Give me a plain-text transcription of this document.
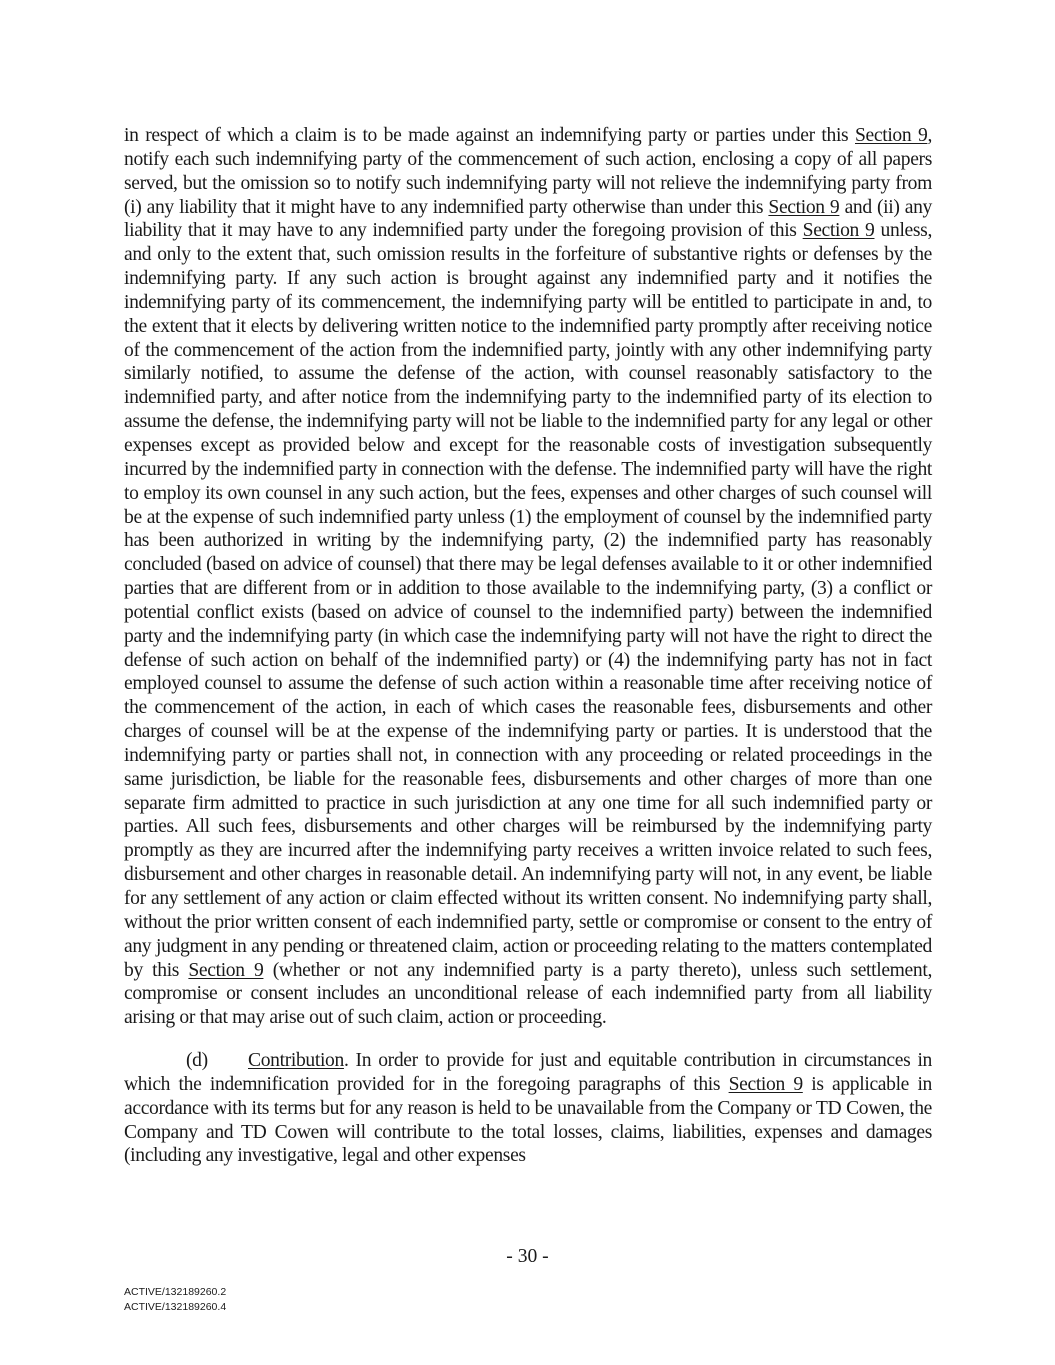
in respect of which a claim is to be made against an indemnifying party or parties under this Section 9, notify each such indemnifying party of the commencement of such action, enclosing a copy of all papers served, but the omission so to notify such indemnifying party will not relieve the indemnifying party from (i) any liability that it might have to any indemnified party otherwise than under this Section 9 and (ii) any liability that it may have to any indemnified party under the foregoing provision of this Section 9 unless, and only to the extent that, such omission results in the forfeiture of substantive rights or defenses by the indemnifying party. If any such action is brought against any indemnified party and it notifies the indemnifying party of its commencement, the indemnifying party will be entitled to participate in and, to the extent that it elects by delivering written notice to the indemnified party promptly after receiving notice of the commencement of the action from the indemnified party, jointly with any other indemnifying party similarly notified, to assume the defense of the action, with counsel reasonably satisfactory to the indemnified party, and after notice from the indemnifying party to the indemnified party of its election to assume the defense, the indemnifying party will not be liable to the indemnified party for any legal or other expenses except as provided below and except for the reasonable costs of investigation subsequently incurred by the indemnified party in connection with the defense. The indemnified party will have the right to employ its own counsel in any such action, but the fees, expenses and other charges of such counsel will be at the expense of such indemnified party unless (1) the employment of counsel by the indemnified party has been authorized in writing by the indemnifying party, (2) the indemnified party has reasonably concluded (based on advice of counsel) that there may be legal defenses available to it or other indemnified parties that are different from or in addition to those available to the indemnifying party, (3) a conflict or potential conflict exists (based on advice of counsel to the indemnified party) between the indemnified party and the indemnifying party (in which case the indemnifying party will not have the right to direct the defense of such action on behalf of the indemnified party) or (4) the indemnifying party has not in fact employed counsel to assume the defense of such action within a reasonable time after receiving notice of the commencement of the action, in each of which cases the reasonable fees, disbursements and other charges of counsel will be at the expense of the indemnifying party or parties. It is understood that the indemnifying party or parties shall not, in connection with any proceeding or related proceedings in the same jurisdiction, be liable for the reasonable fees, disbursements and other charges of more than one separate firm admitted to practice in such jurisdiction at any one time for all such indemnified party or parties. All such fees, disbursements and other charges will be reimbursed by the indemnifying party promptly as they are incurred after the indemnifying party receives a written invoice related to such fees, disbursement and other charges in reasonable detail. An indemnifying party will not, in any event, be liable for any settlement of any action or claim effected without its written consent. No indemnifying party shall, without the prior written consent of each indemnified party, settle or compromise or consent to the entry of any judgment in any pending or threatened claim, action or proceeding relating to the matters contemplated by this Section 9 (whether or not any indemnified party is a party thereto), unless such settlement, compromise or consent includes an unconditional release of each indemnified party from all liability arising or that may arise out of such claim, action or proceeding.

(d) Contribution. In order to provide for just and equitable contribution in circumstances in which the indemnification provided for in the foregoing paragraphs of this Section 9 is applicable in accordance with its terms but for any reason is held to be unavailable from the Company or TD Cowen, the Company and TD Cowen will contribute to the total losses, claims, liabilities, expenses and damages (including any investigative, legal and other expenses

- 30 -
ACTIVE/132189260.2
ACTIVE/132189260.4
